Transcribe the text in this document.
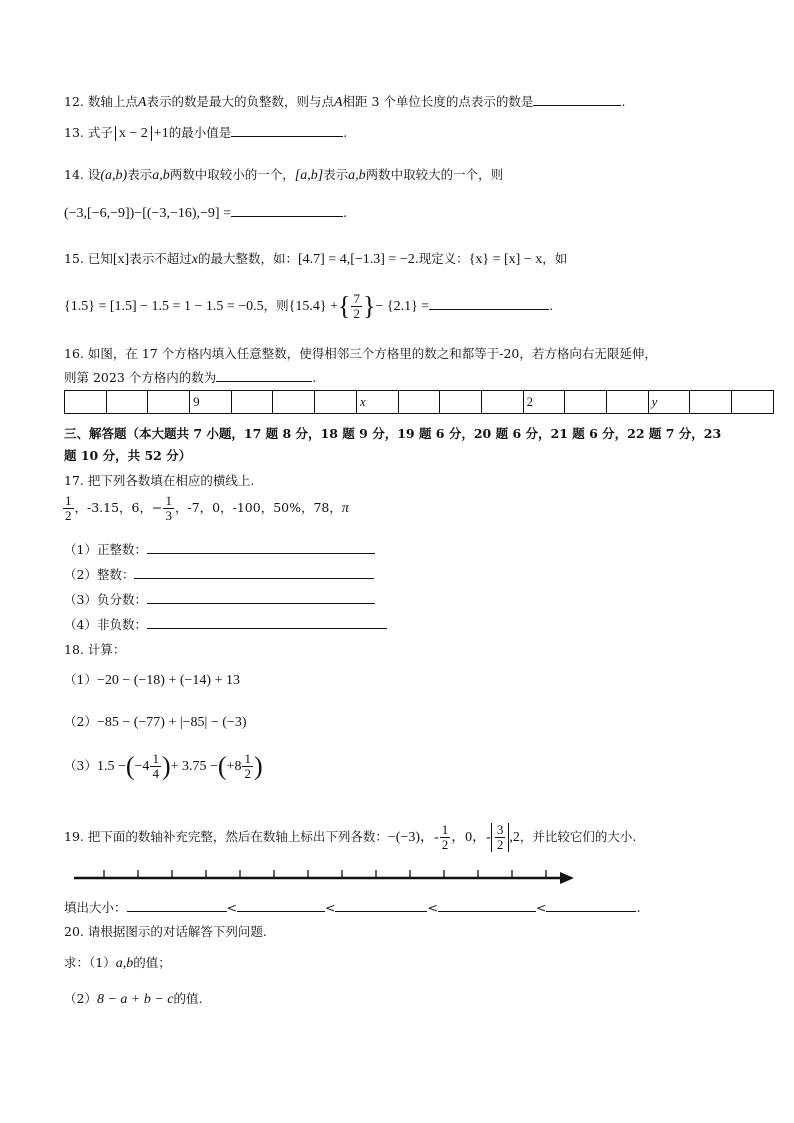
12. 数轴上点A表示的数是最大的负整数，则与点A相距 3 个单位长度的点表示的数是	.
13. 式子 x − 2 +1的最小值是	.
14. 设(a,b)表示a,b两数中取较小的一个，[a,b]表示a,b两数中取较大的一个，则
(−3,[−6,−9])−[(−3,−16),−9] =	.
15. 已知[x]表示不超过x的最大整数，如：[4.7] = 4,[−1.3] = −2.现定义：{x} = [x] − x，如
{1.5} = [1.5] − 1.5 = 1 − 1.5 = −0.5，则{15.4} +{ $\frac{7}{2}$ }− {2.1} =	.
16. 如图，在 17 个方格内填入任意整数，使得相邻三个方格里的数之和都等于-20，若方格向右无限延伸，
则第 2023 个方格内的数为	.
			9				x				2			y		
三、解答题（本大题共 7 小题，17 题 8 分，18 题 9 分，19 题 6 分，20 题 6 分，21 题 6 分，22 题 7 分，23
题 10 分，共 52 分）
17. 把下列各数填在相应的横线上.
$\frac{1}{2}$ ，-3.15，6，− $\frac{1}{3}$ ，-7，0，-100，50%，78，π
（1）正整数：
（2）整数：
（3）负分数：
（4）非负数：
18. 计算：
（1）−20 − (−18) + (−14) + 13
（2）−85 − (−77) + |−85| − (−3)
$(3)1.5 -(-4 \frac{1}{4}$ )+ $3.75 -(+8 \frac{1}{2}$ )
19. 把下面的数轴补充完整，然后在数轴上标出下列各数：−(−3)，- $\frac{1}{2}$ ，0，- $\frac{3}{2} ,2$，并比较它们的大小.
填出大小：	<	<	<	<	.
20. 请根据图示的对话解答下列问题.
求：（1）a,b的值；
（2）8 − a + b − c的值.
